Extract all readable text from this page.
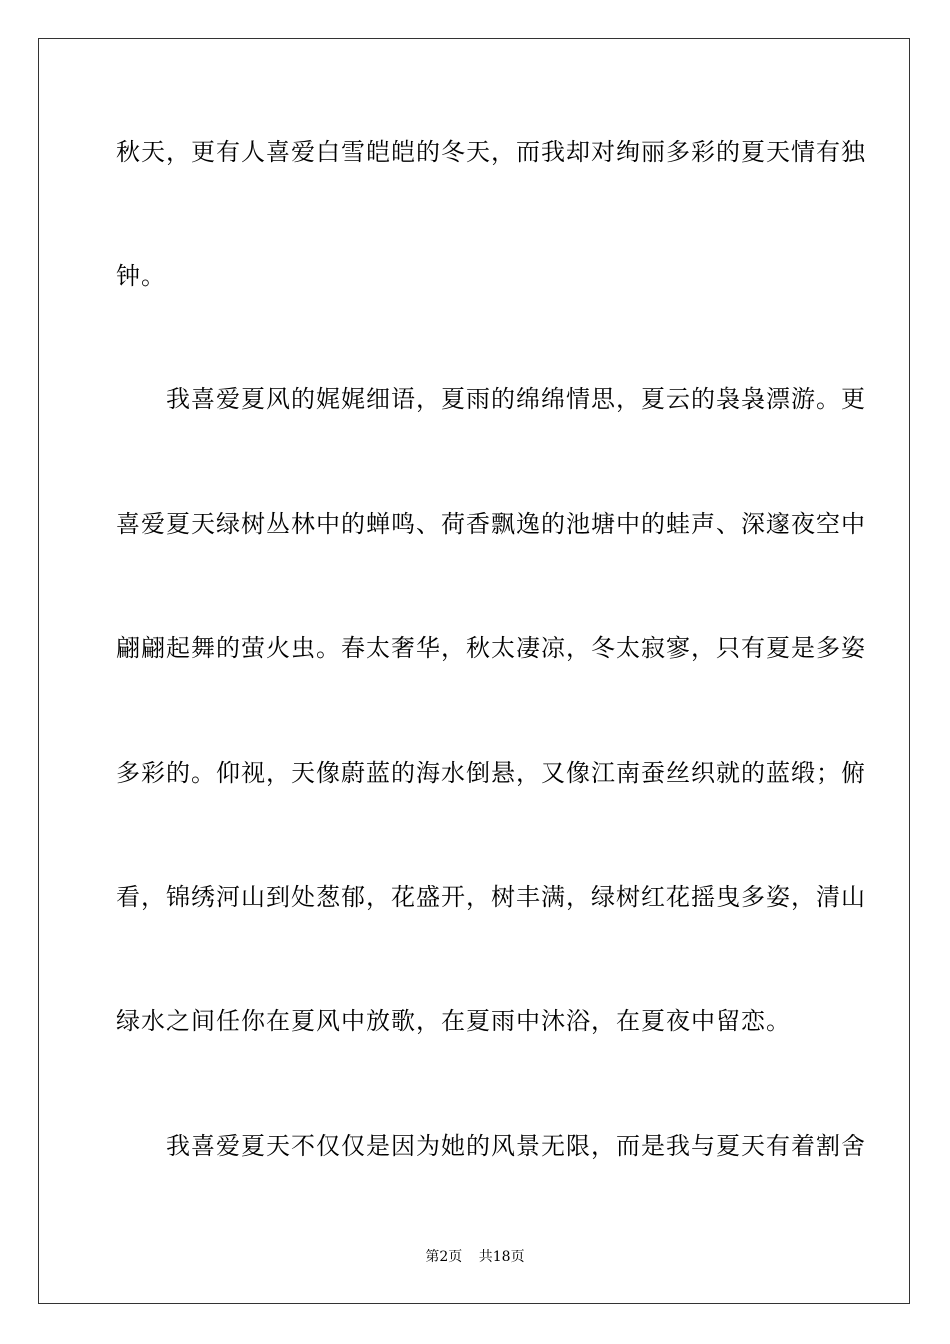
秋天，更有人喜爱白雪皑皑的冬天，而我却对绚丽多彩的夏天情有独
钟。
　　我喜爱夏风的娓娓细语，夏雨的绵绵情思，夏云的袅袅漂游。更
喜爱夏天绿树丛林中的蝉鸣、荷香飘逸的池塘中的蛙声、深邃夜空中
翩翩起舞的萤火虫。春太奢华，秋太凄凉，冬太寂寥，只有夏是多姿
多彩的。仰视，天像蔚蓝的海水倒悬，又像江南蚕丝织就的蓝缎；俯
看，锦绣河山到处葱郁，花盛开，树丰满，绿树红花摇曳多姿，清山
绿水之间任你在夏风中放歌，在夏雨中沐浴，在夏夜中留恋。
　　我喜爱夏天不仅仅是因为她的风景无限，而是我与夏天有着割舍
第2页 共18页
